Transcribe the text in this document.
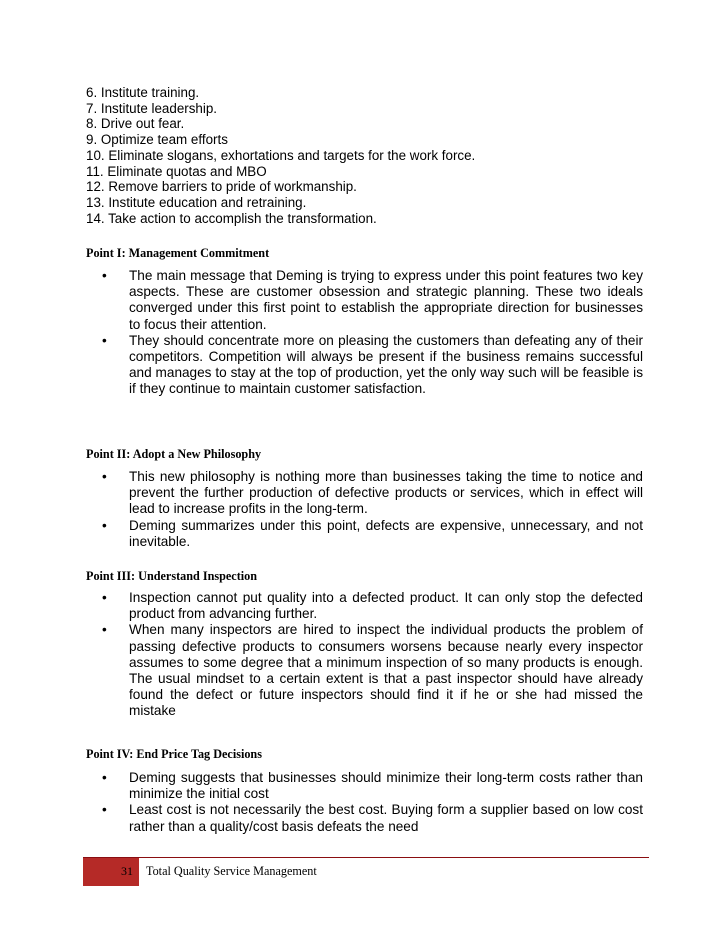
6. Institute training.
7. Institute leadership.
8. Drive out fear.
9. Optimize team efforts
10. Eliminate slogans, exhortations and targets for the work force.
11. Eliminate quotas and MBO
12. Remove barriers to pride of workmanship.
13. Institute education and retraining.
14. Take action to accomplish the transformation.
Point I: Management Commitment
•	The main message that Deming is trying to express under this point features two key aspects. These are customer obsession and strategic planning. These two ideals converged under this first point to establish the appropriate direction for businesses to focus their attention.
•	They should concentrate more on pleasing the customers than defeating any of their competitors. Competition will always be present if the business remains successful and manages to stay at the top of production, yet the only way such will be feasible is if they continue to maintain customer satisfaction.
Point II: Adopt a New Philosophy
•	This new philosophy is nothing more than businesses taking the time to notice and prevent the further production of defective products or services, which in effect will lead to increase profits in the long-term.
•	Deming summarizes under this point, defects are expensive, unnecessary, and not inevitable.
Point III: Understand Inspection
•	Inspection cannot put quality into a defected product. It can only stop the defected product from advancing further.
•	When many inspectors are hired to inspect the individual products the problem of passing defective products to consumers worsens because nearly every inspector assumes to some degree that a minimum inspection of so many products is enough. The usual mindset to a certain extent is that a past inspector should have already found the defect or future inspectors should find it if he or she had missed the mistake
Point IV: End Price Tag Decisions
•	Deming suggests that businesses should minimize their long-term costs rather than minimize the initial cost
•	Least cost is not necessarily the best cost. Buying form a supplier based on low cost rather than a quality/cost basis defeats the need
31 Total Quality Service Management
